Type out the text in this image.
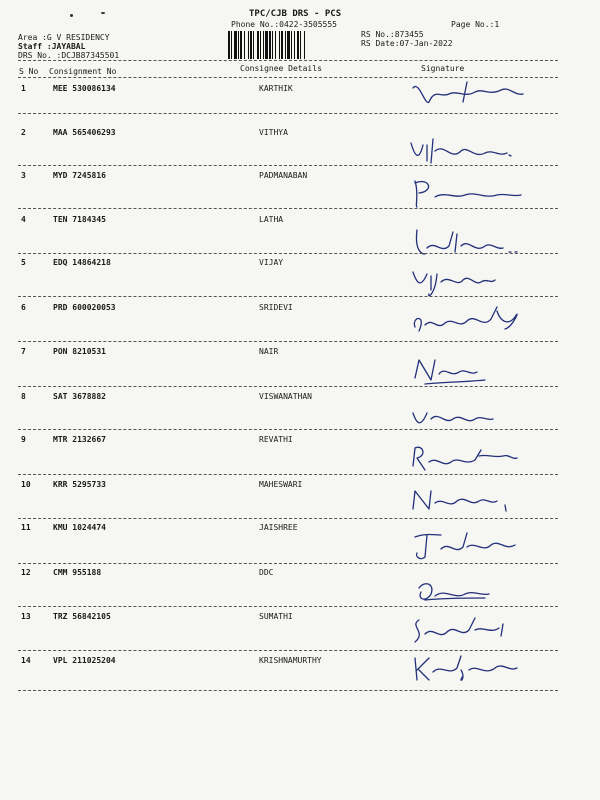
TPC/CJB DRS - PCS
Phone No.:0422-3505555	Page No.:1
Area :G V RESIDENCY
Staff :JAYABAL
DRS No. :DCJB87345501
RS No.:873455
RS Date:07-Jan-2022
S No Consignment No	Consignee Details	Signature
1	MEE 530086134	KARTHIK
2	MAA 565406293	VITHYA
3	MYD 7245816	PADMANABAN
4	TEN 7184345	LATHA
5	EDQ 14864218	VIJAY
6	PRD 600020053	SRIDEVI
7	PON 8210531	NAIR
8	SAT 3678882	VISWANATHAN
9	MTR 2132667	REVATHI
10	KRR 5295733	MAHESWARI
11	KMU 1024474	JAISHREE
12	CMM 955188	DDC
13	TRZ 56842105	SUMATHI
14	VPL 211025204	KRISHNAMURTHY
